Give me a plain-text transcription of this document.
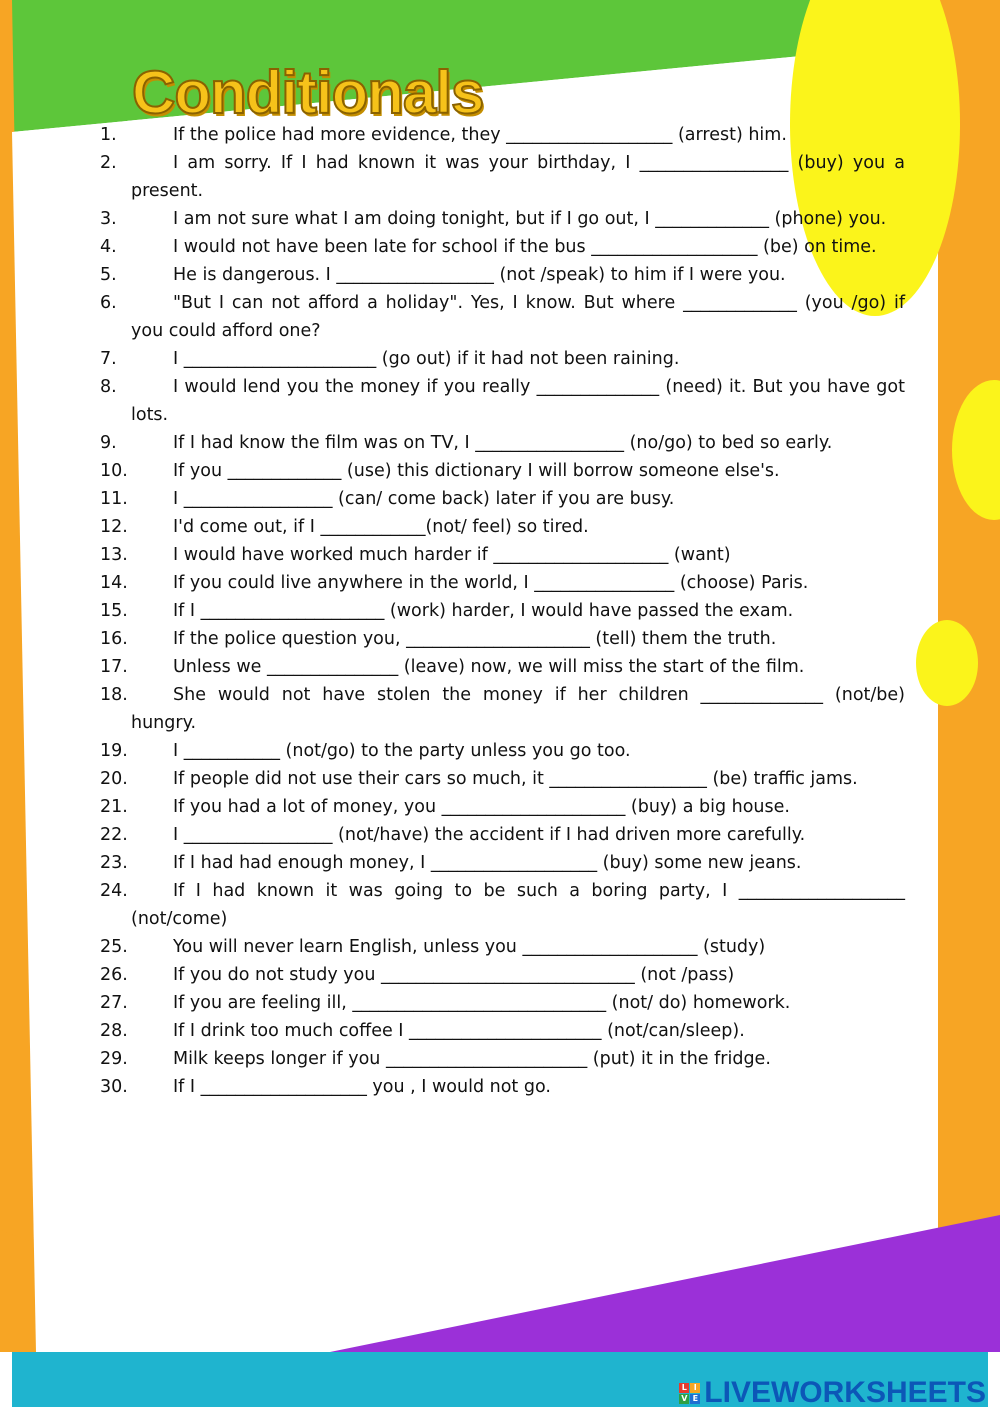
Conditionals
1.	If the police had more evidence, they ___________________ (arrest) him.
2.	I am sorry. If I had known it was your birthday, I _________________ (buy) you a present.
3.	I am not sure what I am doing tonight, but if I go out, I _____________ (phone) you.
4.	I would not have been late for school if the bus ___________________ (be) on time.
5.	He is dangerous. I __________________ (not /speak) to him if I were you.
6.	"But I can not afford a holiday". Yes, I know. But where _____________ (you /go) if you could afford one?
7.	I ______________________ (go out) if it had not been raining.
8.	I would lend you the money if you really ______________ (need) it. But you have got lots.
9.	If I had know the film was on TV, I _________________ (no/go) to bed so early.
10.	If you _____________ (use) this dictionary I will borrow someone else's.
11.	I _________________ (can/ come back) later if you are busy.
12.	I'd come out, if I ____________(not/ feel) so tired.
13.	I would have worked much harder if ____________________ (want)
14.	If you could live anywhere in the world, I ________________ (choose) Paris.
15.	If I _____________________ (work) harder, I would have passed the exam.
16.	If the police question you, _____________________ (tell) them the truth.
17.	Unless we _______________ (leave) now, we will miss the start of the film.
18.	She would not have stolen the money if her children ______________ (not/be) hungry.
19.	I ___________ (not/go) to the party unless you go too.
20.	If people did not use their cars so much, it __________________ (be) traffic jams.
21.	If you had a lot of money, you _____________________ (buy) a big house.
22.	I _________________ (not/have) the accident if I had driven more carefully.
23.	If I had had enough money, I ___________________ (buy) some new jeans.
24.	If I had known it was going to be such a boring party, I ___________________ (not/come)
25.	You will never learn English, unless you ____________________ (study)
26.	If you do not study you _____________________________ (not /pass)
27.	If you are feeling ill, _____________________________ (not/ do) homework.
28.	If I drink too much coffee I ______________________ (not/can/sleep).
29.	Milk keeps longer if you _______________________ (put) it in the fridge.
30.	If I ___________________ you , I would not go.
L I
V E LIVEWORKSHEETS
